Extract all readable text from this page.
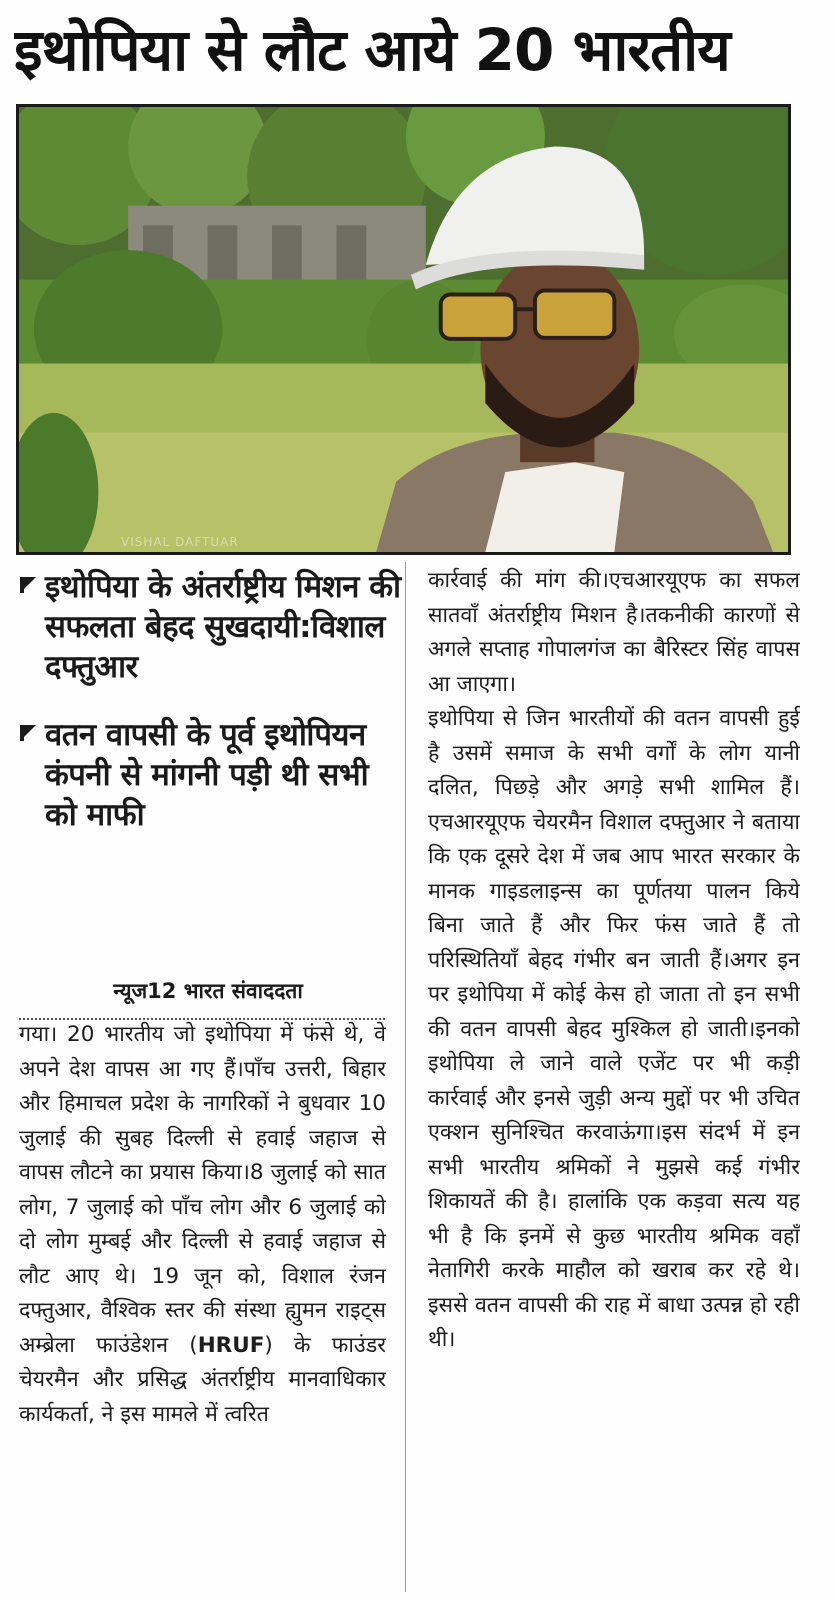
इथोपिया से लौट आये 20 भारतीय
VISHAL DAFTUAR
इथोपिया के अंतर्राष्ट्रीय मिशन की सफलता बेहद सुखदायी:विशाल दफ्तुआर
वतन वापसी के पूर्व इथोपियन कंपनी से मांगनी पड़ी थी सभी को माफी
न्यूज12 भारत संवाददता

गया। 20 भारतीय जो इथोपिया में फंसे थे, वे अपने देश वापस आ गए हैं।पाँच उत्तरी, बिहार और हिमाचल प्रदेश के नागरिकों ने बुधवार 10 जुलाई की सुबह दिल्ली से हवाई जहाज से वापस लौटने का प्रयास किया।8 जुलाई को सात लोग, 7 जुलाई को पाँच लोग और 6 जुलाई को दो लोग मुम्बई और दिल्ली से हवाई जहाज से लौट आए थे। 19 जून को, विशाल रंजन दफ्तुआर, वैश्विक स्तर की संस्था ह्युमन राइट्स अम्ब्रेला फाउंडेशन (HRUF) के फाउंडर चेयरमैन और प्रसिद्ध अंतर्राष्ट्रीय मानवाधिकार कार्यकर्ता, ने इस मामले में त्वरित

कार्रवाई की मांग की।एचआरयूएफ का सफल सातवाँ अंतर्राष्ट्रीय मिशन है।तकनीकी कारणों से अगले सप्ताह गोपालगंज का बैरिस्टर सिंह वापस आ जाएगा।

इथोपिया से जिन भारतीयों की वतन वापसी हुई है उसमें समाज के सभी वर्गों के लोग यानी दलित, पिछड़े और अगड़े सभी शामिल हैं।एचआरयूएफ चेयरमैन विशाल दफ्तुआर ने बताया कि एक दूसरे देश में जब आप भारत सरकार के मानक गाइडलाइन्स का पूर्णतया पालन किये बिना जाते हैं और फिर फंस जाते हैं तो परिस्थितियाँ बेहद गंभीर बन जाती हैं।अगर इन पर इथोपिया में कोई केस हो जाता तो इन सभी की वतन वापसी बेहद मुश्किल हो जाती।इनको इथोपिया ले जाने वाले एजेंट पर भी कड़ी कार्रवाई और इनसे जुड़ी अन्य मुद्दों पर भी उचित एक्शन सुनिश्चित करवाऊंगा।इस संदर्भ में इन सभी भारतीय श्रमिकों ने मुझसे कई गंभीर शिकायतें की है। हालांकि एक कड़वा सत्य यह भी है कि इनमें से कुछ भारतीय श्रमिक वहाँ नेतागिरी करके माहौल को खराब कर रहे थे।इससे वतन वापसी की राह में बाधा उत्पन्न हो रही थी।
